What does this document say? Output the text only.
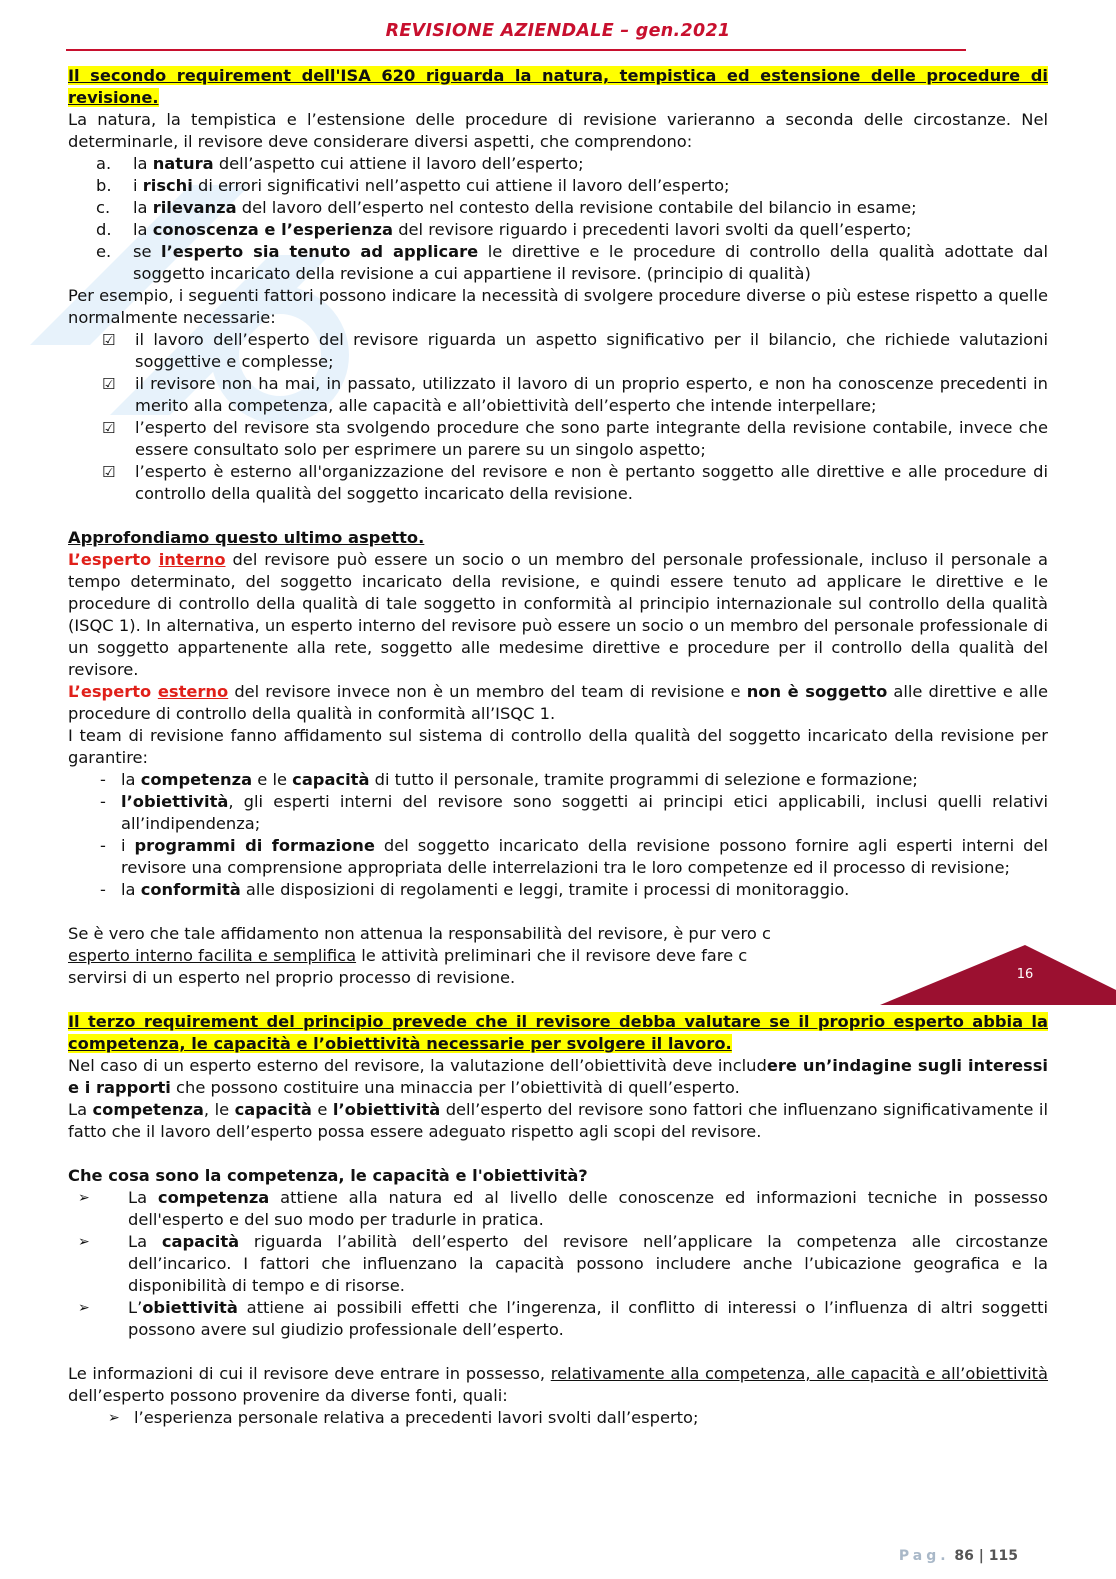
REVISIONE AZIENDALE – gen.2021

Il secondo requirement dell'ISA 620 riguarda la natura, tempistica ed estensione delle procedure di revisione.

La natura, la tempistica e l’estensione delle procedure di revisione varieranno a seconda delle circostanze. Nel determinarle, il revisore deve considerare diversi aspetti, che comprendono:

a. la natura dell’aspetto cui attiene il lavoro dell’esperto;
b. i rischi di errori significativi nell’aspetto cui attiene il lavoro dell’esperto;
c. la rilevanza del lavoro dell’esperto nel contesto della revisione contabile del bilancio in esame;
d. la conoscenza e l’esperienza del revisore riguardo i precedenti lavori svolti da quell’esperto;
e. se l’esperto sia tenuto ad applicare le direttive e le procedure di controllo della qualità adottate dal soggetto incaricato della revisione a cui appartiene il revisore. (principio di qualità)

Per esempio, i seguenti fattori possono indicare la necessità di svolgere procedure diverse o più estese rispetto a quelle normalmente necessarie:

☑ il lavoro dell’esperto del revisore riguarda un aspetto significativo per il bilancio, che richiede valutazioni soggettive e complesse;
☑ il revisore non ha mai, in passato, utilizzato il lavoro di un proprio esperto, e non ha conoscenze precedenti in merito alla competenza, alle capacità e all’obiettività dell’esperto che intende interpellare;
☑ l’esperto del revisore sta svolgendo procedure che sono parte integrante della revisione contabile, invece che essere consultato solo per esprimere un parere su un singolo aspetto;
☑ l’esperto è esterno all'organizzazione del revisore e non è pertanto soggetto alle direttive e alle procedure di controllo della qualità del soggetto incaricato della revisione.

Approfondiamo questo ultimo aspetto.

L’esperto interno del revisore può essere un socio o un membro del personale professionale, incluso il personale a tempo determinato, del soggetto incaricato della revisione, e quindi essere tenuto ad applicare le direttive e le procedure di controllo della qualità di tale soggetto in conformità al principio internazionale sul controllo della qualità (ISQC 1). In alternativa, un esperto interno del revisore può essere un socio o un membro del personale professionale di un soggetto appartenente alla rete, soggetto alle medesime direttive e procedure per il controllo della qualità del revisore.

L’esperto esterno del revisore invece non è un membro del team di revisione e non è soggetto alle direttive e alle procedure di controllo della qualità in conformità all’ISQC 1.

I team di revisione fanno affidamento sul sistema di controllo della qualità del soggetto incaricato della revisione per garantire:

- la competenza e le capacità di tutto il personale, tramite programmi di selezione e formazione;
- l’obiettività, gli esperti interni del revisore sono soggetti ai principi etici applicabili, inclusi quelli relativi all’indipendenza;
- i programmi di formazione del soggetto incaricato della revisione possono fornire agli esperti interni del revisore una comprensione appropriata delle interrelazioni tra le loro competenze ed il processo di revisione;
- la conformità alle disposizioni di regolamenti e leggi, tramite i processi di monitoraggio.

Se è vero che tale affidamento non attenua la responsabilità del revisore, è pur vero c
esperto interno facilita e semplifica le attività preliminari che il revisore deve fare c
servirsi di un esperto nel proprio processo di revisione.

Il terzo requirement del principio prevede che il revisore debba valutare se il proprio esperto abbia la competenza, le capacità e l’obiettività necessarie per svolgere il lavoro.

Nel caso di un esperto esterno del revisore, la valutazione dell’obiettività deve includere un’indagine sugli interessi e i rapporti che possono costituire una minaccia per l’obiettività di quell’esperto.

La competenza, le capacità e l’obiettività dell’esperto del revisore sono fattori che influenzano significativamente il fatto che il lavoro dell’esperto possa essere adeguato rispetto agli scopi del revisore.

Che cosa sono la competenza, le capacità e l'obiettività?

➢ La competenza attiene alla natura ed al livello delle conoscenze ed informazioni tecniche in possesso dell'esperto e del suo modo per tradurle in pratica.
➢ La capacità riguarda l’abilità dell’esperto del revisore nell’applicare la competenza alle circostanze dell’incarico. I fattori che influenzano la capacità possono includere anche l’ubicazione geografica e la disponibilità di tempo e di risorse.
➢ L’obiettività attiene ai possibili effetti che l’ingerenza, il conflitto di interessi o l’influenza di altri soggetti possono avere sul giudizio professionale dell’esperto.

Le informazioni di cui il revisore deve entrare in possesso, relativamente alla competenza, alle capacità e all’obiettività dell’esperto possono provenire da diverse fonti, quali:

➢ l’esperienza personale relativa a precedenti lavori svolti dall’esperto;
16
Pag. 86 | 115
